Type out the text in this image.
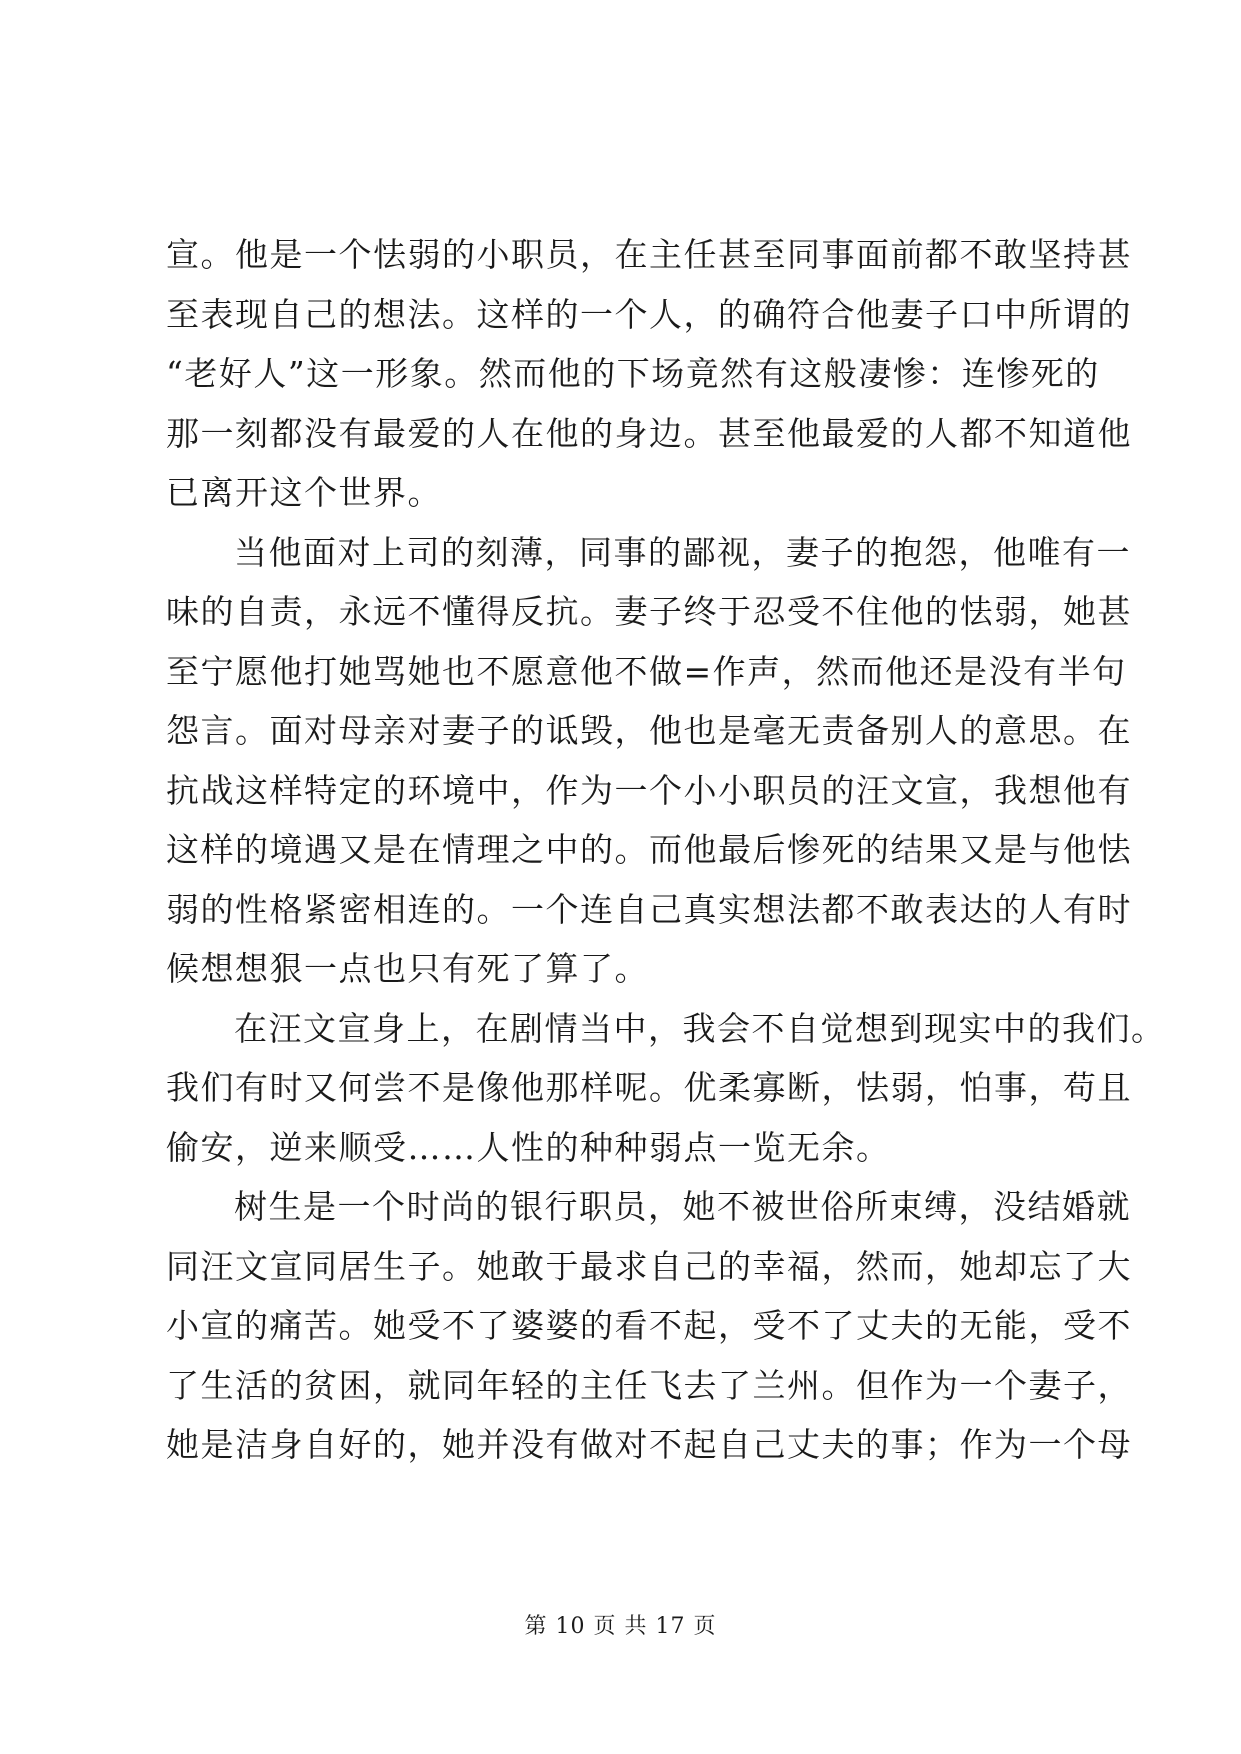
宣。他是一个怯弱的小职员，在主任甚至同事面前都不敢坚持甚
至表现自己的想法。这样的一个人，的确符合他妻子口中所谓的
“老好人”这一形象。然而他的下场竟然有这般凄惨：连惨死的
那一刻都没有最爱的人在他的身边。甚至他最爱的人都不知道他
已离开这个世界。
当他面对上司的刻薄，同事的鄙视，妻子的抱怨，他唯有一
味的自责，永远不懂得反抗。妻子终于忍受不住他的怯弱，她甚
至宁愿他打她骂她也不愿意他不做=作声，然而他还是没有半句
怨言。面对母亲对妻子的诋毁，他也是毫无责备别人的意思。在
抗战这样特定的环境中，作为一个小小职员的汪文宣，我想他有
这样的境遇又是在情理之中的。而他最后惨死的结果又是与他怯
弱的性格紧密相连的。一个连自己真实想法都不敢表达的人有时
候想想狠一点也只有死了算了。
在汪文宣身上，在剧情当中，我会不自觉想到现实中的我们。
我们有时又何尝不是像他那样呢。优柔寡断，怯弱，怕事，苟且
偷安，逆来顺受……人性的种种弱点一览无余。
树生是一个时尚的银行职员，她不被世俗所束缚，没结婚就
同汪文宣同居生子。她敢于最求自己的幸福，然而，她却忘了大
小宣的痛苦。她受不了婆婆的看不起，受不了丈夫的无能，受不
了生活的贫困，就同年轻的主任飞去了兰州。但作为一个妻子，
她是洁身自好的，她并没有做对不起自己丈夫的事；作为一个母
第 10 页 共 17 页
